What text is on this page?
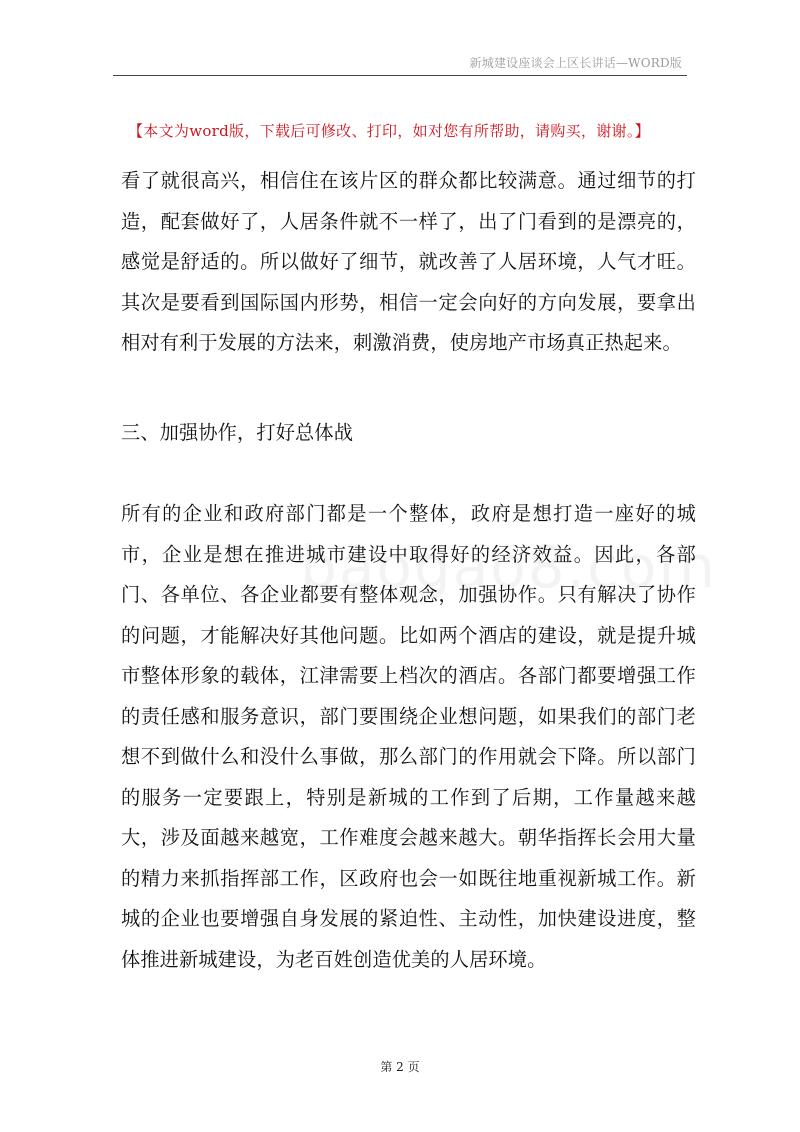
新城建设座谈会上区长讲话—WORD版
【本文为word版，下载后可修改、打印，如对您有所帮助，请购买，谢谢。】

看了就很高兴，相信住在该片区的群众都比较满意。通过细节的打造，配套做好了，人居条件就不一样了，出了门看到的是漂亮的，感觉是舒适的。所以做好了细节，就改善了人居环境，人气才旺。其次是要看到国际国内形势，相信一定会向好的方向发展，要拿出相对有利于发展的方法来，刺激消费，使房地产市场真正热起来。

三、加强协作，打好总体战

所有的企业和政府部门都是一个整体，政府是想打造一座好的城市，企业是想在推进城市建设中取得好的经济效益。因此，各部门、各单位、各企业都要有整体观念，加强协作。只有解决了协作的问题，才能解决好其他问题。比如两个酒店的建设，就是提升城市整体形象的载体，江津需要上档次的酒店。各部门都要增强工作的责任感和服务意识，部门要围绕企业想问题，如果我们的部门老想不到做什么和没什么事做，那么部门的作用就会下降。所以部门的服务一定要跟上，特别是新城的工作到了后期，工作量越来越大，涉及面越来越宽，工作难度会越来越大。朝华指挥长会用大量的精力来抓指挥部工作，区政府也会一如既往地重视新城工作。新城的企业也要增强自身发展的紧迫性、主动性，加快建设进度，整体推进新城建设，为老百姓创造优美的人居环境。

第 2 页
